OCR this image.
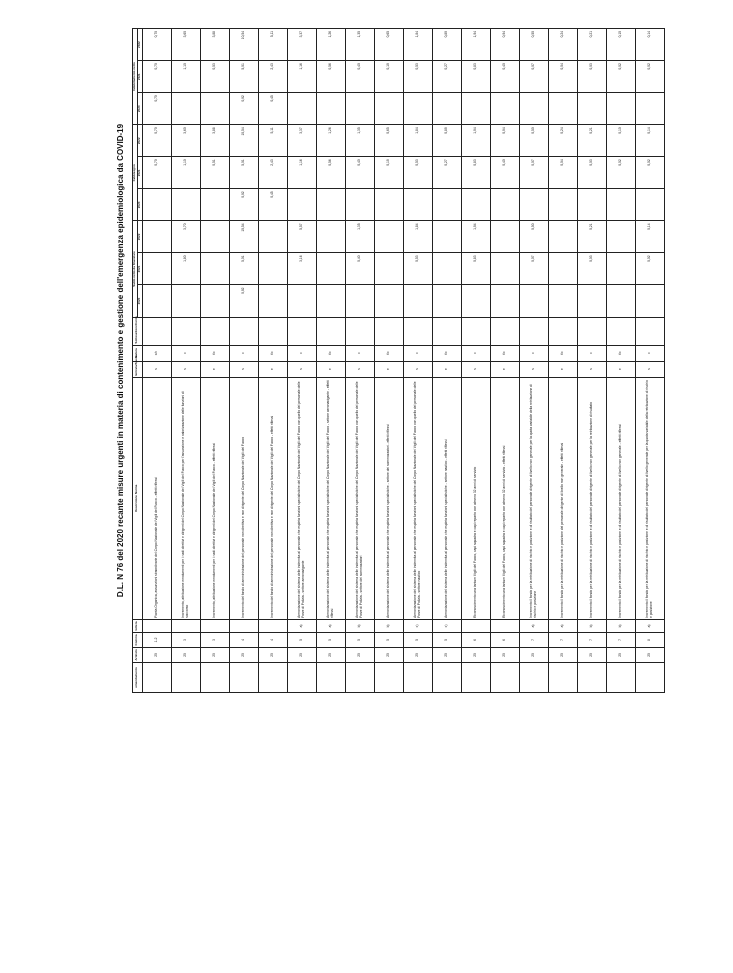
D.L. N 76 del 2020 recante misure urgenti in materia di contenimento e gestione dell'emergenza epidemiologica da COVID-19
emendamento	Articolo	Comma	lettera	Descrizione Norma	Entrata/Spesa	Natura	Sottosettore/Conto	Saldo netto da finanziare			Fabbisogno			Indebitamento netto		
								2020	2021	2022	2020	2021	2022	2020	2021	2022
	20	1-2		Pianta Organica, assunzioni straordinarie del Corpo Nazionale dei Vigili del Fuoco - effetti riflessi	s	c/c						0,70	0,70	0,70	0,70	0,70
	20	3		Incremento, attribuzione emolumenti per i ruoli direttivi e dirigenti del Corpo Nazionale dei Vigili del Fuoco per l'assunzione e valorizzazione delle funzioni di soccorso	s	c			1,80	3,70		1,10	3,60		1,10	3,60
	20	3		Incremento, attribuzione emolumenti per i ruoli direttivi e dirigenti del Corpo Nazionale dei Vigili del Fuoco - effetti riflessi	e	t/c						0,51	3,88		0,53	3,88
	20	4		Incremento del fondo di amministrazione del personale non direttivo e non dirigente del Corpo Nazionale dei Vigili del Fuoco	s	c		0,92	5,01	10,54	0,92	5,01	10,54	0,92	5,01	10,54
	20	4		Incremento del fondo di amministrazione del personale non direttivo e non dirigente del Corpo Nazionale dei Vigili del Fuoco - effetti riflessi	e	t/c					0,45	2,43	5,11	0,45	2,43	5,11
	20	5	a)	Armonizzazione del sistema delle indennita al personale che espleta funzioni specialistiche del Corpo Nazionale dei Vigili del Fuoco con quello del personale delle Forze di Polizia - settore aeronavigante	s	c			3,16	5,57		1,16	3,37		1,16	3,37
	20	5	a)	Armonizzazione del sistema delle indennita al personale che espleta funzioni specialistiche del Corpo Nazionale dei Vigili del Fuoco - settore aeronavigante - effetti riflessi	e	t/c						0,56	1,26		0,56	1,26
	20	5	b)	Armonizzazione del sistema delle indennita al personale che espleta funzioni specialistiche del Corpo Nazionale dei Vigili del Fuoco con quello del personale delle Forze di Polizia - settore dei sommozzatori	s	c			0,40	1,35		0,40	1,35		0,40	1,35
	20	5	b)	Armonizzazione del sistema delle indennita al personale che espleta funzioni specialistiche - settore dei sommozzatori - effetti riflessi	e	t/c						0,19	0,65		0,19	0,65
	20	5	c)	Armonizzazione del sistema delle indennita al personale che espleta funzioni specialistiche del Corpo Nazionale dei Vigili del Fuoco con quello del personale delle Forze di Polizia - settore nautico	s	c			0,53	1,84		0,53	1,84		0,53	1,84
	20	5	c)	Armonizzazione del sistema delle indennita al personale che espleta funzioni specialistiche - settore nautico - effetti riflessi	e	t/c						0,27	0,89		0,27	0,89
	20	6		Riconoscimento una tantum Vigili del Fuoco, capi squadra e capi reparto con almeno 32 anni di servizio	s	c			0,83	1,94		0,83	1,94		0,83	1,94
	20	6		Riconoscimento una tantum Vigili del Fuoco, capi squadra e capi reparto con almeno 32 anni di servizio - effetti riflessi	e	t/c						0,40	0,94		0,40	0,94
	20	7	a)	Incremento il fondo per la retribuzione di rischio e posizione e di risultato del personale dirigente di livello non generale per la quota variabile della retribuzione di rischio e posizione	s	c			0,07	0,50		0,07	0,50		0,07	0,50
	20	7	a)	Incremento il fondo per la retribuzione di rischio e posizione del personale dirigente di livello non generale - effetti riflessi	e	t/c						0,04	0,24		0,04	0,24
	20	7	b)	Incremento il fondo per la retribuzione di rischio e posizione e di risultato del personale dirigente di livello non generale per la retribuzione di risultato	s	c			0,03	0,21		0,03	0,21		0,03	0,21
	20	7	b)	Incremento il fondo per la retribuzione di rischio e posizione e di risultato del personale dirigente di livello non generale - effetti riflessi	e	t/c						0,02	0,10		0,02	0,10
	20	8	a)	Incremento il fondo per la retribuzione di rischio e posizione e di risultato del personale dirigente di livello generale per la quota variabile della retribuzione di rischio e posizione	s	c			0,02	0,14		0,02	0,14		0,02	0,14
